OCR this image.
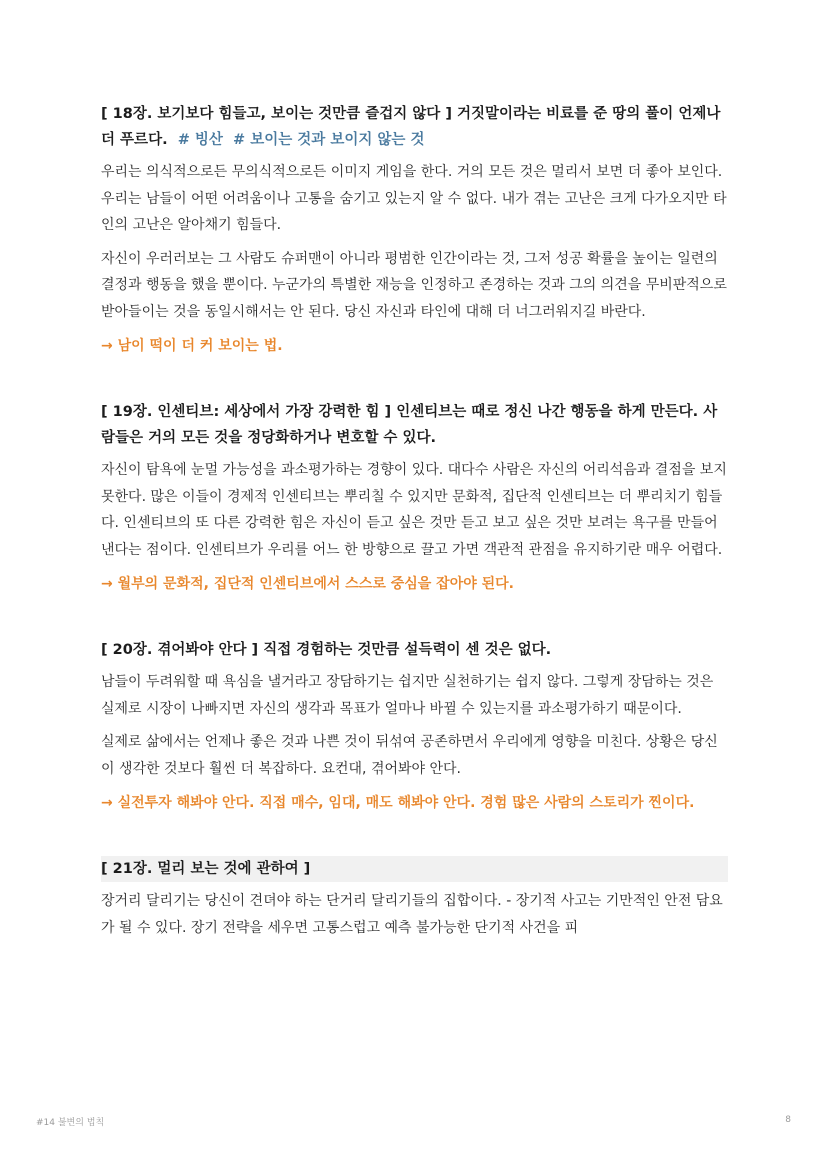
[ 18장. 보기보다 힘들고, 보이는 것만큼 즐겁지 않다 ] 거짓말이라는 비료를 준 땅의 풀이 언제나 더 푸르다. # 빙산 # 보이는 것과 보이지 않는 것

우리는 의식적으로든 무의식적으로든 이미지 게임을 한다. 거의 모든 것은 멀리서 보면 더 좋아 보인다. 우리는 남들이 어떤 어려움이나 고통을 숨기고 있는지 알 수 없다. 내가 겪는 고난은 크게 다가오지만 타인의 고난은 알아채기 힘들다.

자신이 우러러보는 그 사람도 슈퍼맨이 아니라 평범한 인간이라는 것, 그저 성공 확률을 높이는 일련의 결정과 행동을 했을 뿐이다. 누군가의 특별한 재능을 인정하고 존경하는 것과 그의 의견을 무비판적으로 받아들이는 것을 동일시해서는 안 된다. 당신 자신과 타인에 대해 더 너그러워지길 바란다.

→ 남이 떡이 더 커 보이는 법.

[ 19장. 인센티브: 세상에서 가장 강력한 힘 ] 인센티브는 때로 정신 나간 행동을 하게 만든다. 사람들은 거의 모든 것을 정당화하거나 변호할 수 있다.

자신이 탐욕에 눈멀 가능성을 과소평가하는 경향이 있다. 대다수 사람은 자신의 어리석음과 결점을 보지 못한다. 많은 이들이 경제적 인센티브는 뿌리칠 수 있지만 문화적, 집단적 인센티브는 더 뿌리치기 힘들다. 인센티브의 또 다른 강력한 힘은 자신이 듣고 싶은 것만 듣고 보고 싶은 것만 보려는 욕구를 만들어낸다는 점이다. 인센티브가 우리를 어느 한 방향으로 끌고 가면 객관적 관점을 유지하기란 매우 어렵다.

→ 월부의 문화적, 집단적 인센티브에서 스스로 중심을 잡아야 된다.

[ 20장. 겪어봐야 안다 ] 직접 경험하는 것만큼 설득력이 센 것은 없다.

남들이 두려워할 때 욕심을 낼거라고 장담하기는 쉽지만 실천하기는 쉽지 않다. 그렇게 장담하는 것은 실제로 시장이 나빠지면 자신의 생각과 목표가 얼마나 바뀔 수 있는지를 과소평가하기 때문이다.

실제로 삶에서는 언제나 좋은 것과 나쁜 것이 뒤섞여 공존하면서 우리에게 영향을 미친다. 상황은 당신이 생각한 것보다 훨씬 더 복잡하다. 요컨대, 겪어봐야 안다.

→ 실전투자 해봐야 안다. 직접 매수, 임대, 매도 해봐야 안다. 경험 많은 사람의 스토리가 찐이다.

[ 21장. 멀리 보는 것에 관하여 ]

장거리 달리기는 당신이 견뎌야 하는 단거리 달리기들의 집합이다. - 장기적 사고는 기만적인 안전 담요가 될 수 있다. 장기 전략을 세우면 고통스럽고 예측 불가능한 단기적 사건을 피

#14 불변의 법칙	8
